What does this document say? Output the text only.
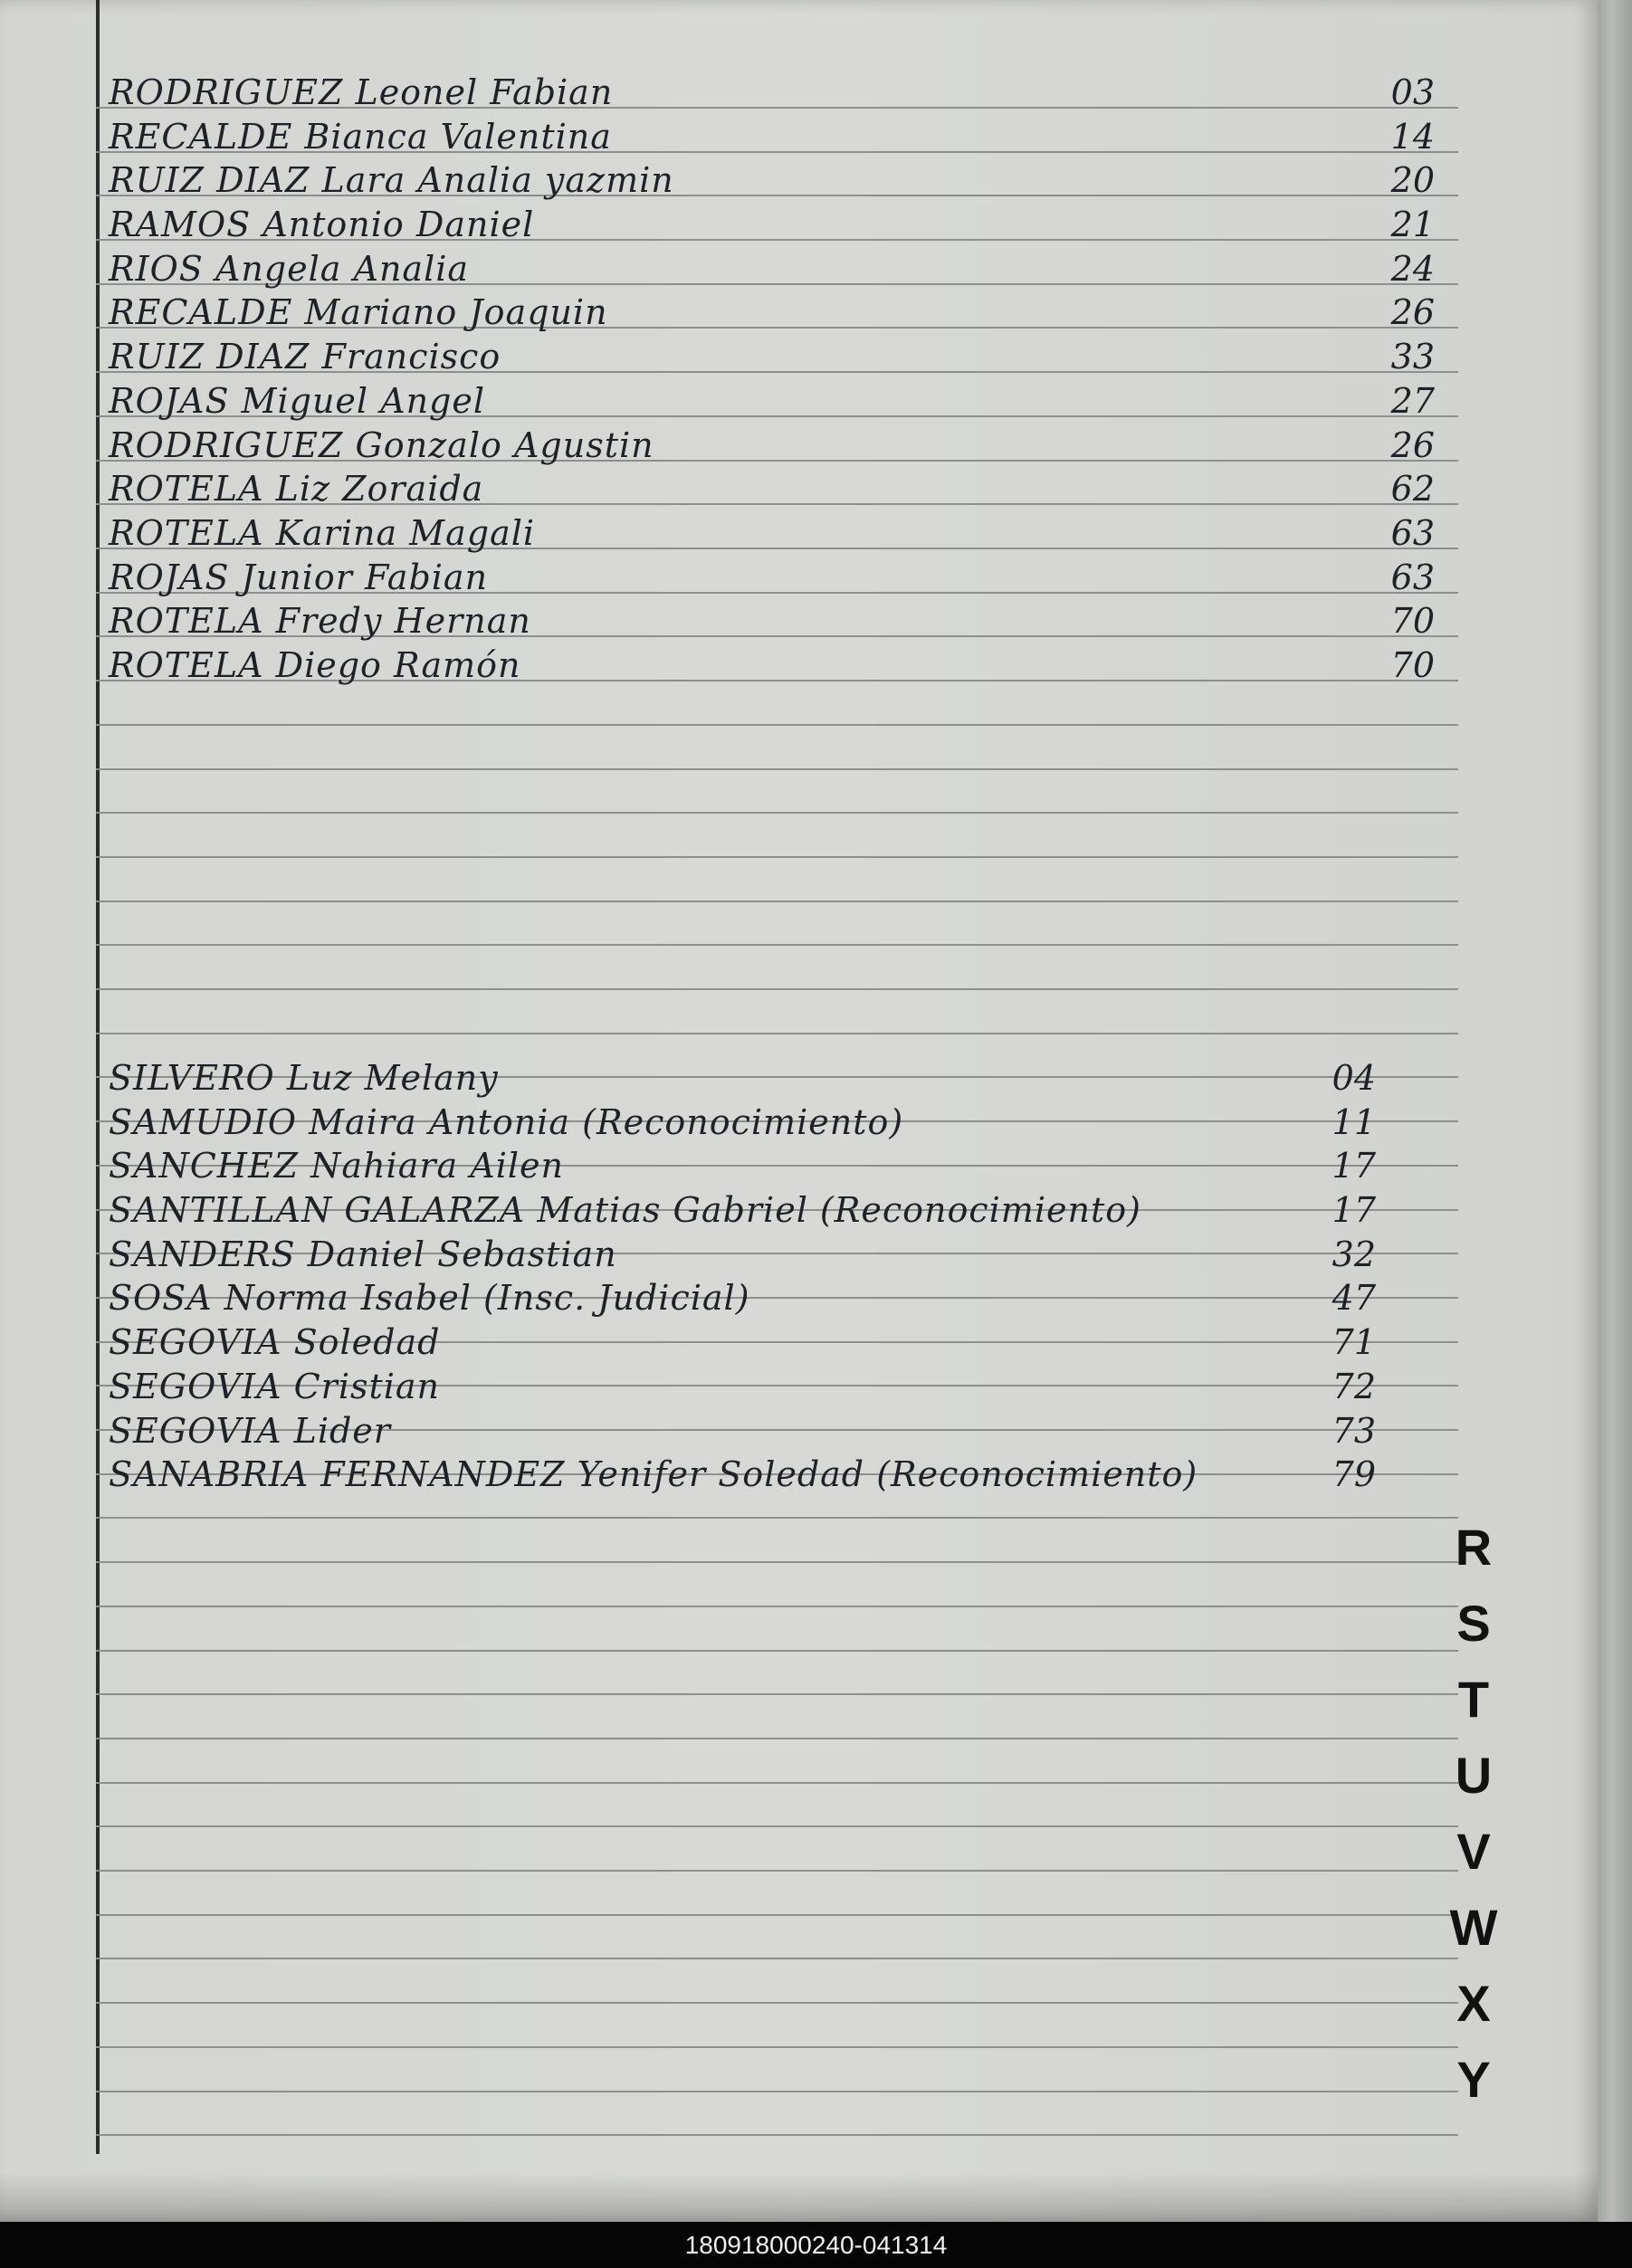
RODRIGUEZ Leonel Fabian	03
RECALDE Bianca Valentina	14
RUIZ DIAZ Lara Analia yazmin	20
RAMOS Antonio Daniel	21
RIOS Angela Analia	24
RECALDE Mariano Joaquin	26
RUIZ DIAZ Francisco	33
ROJAS Miguel Angel	27
RODRIGUEZ Gonzalo Agustin	26
ROTELA Liz Zoraida	62
ROTELA Karina Magali	63
ROJAS Junior Fabian	63
ROTELA Fredy Hernan	70
ROTELA Diego Ramón	70
SILVERO Luz Melany	04
SAMUDIO Maira Antonia (Reconocimiento)	11
SANCHEZ Nahiara Ailen	17
SANTILLAN GALARZA Matias Gabriel (Reconocimiento)	17
SANDERS Daniel Sebastian	32
SOSA Norma Isabel (Insc. Judicial)	47
SEGOVIA Soledad	71
SEGOVIA Cristian	72
SEGOVIA Lider	73
SANABRIA FERNANDEZ Yenifer Soledad (Reconocimiento)	79
R
S
T
U
V
W
X
Y
180918000240-041314
